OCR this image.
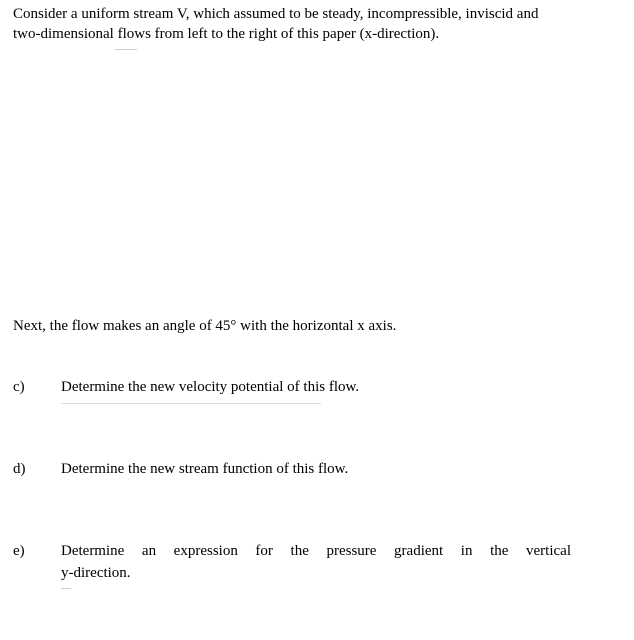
Consider a uniform stream V, which assumed to be steady, incompressible, inviscid and
two-dimensional flows from left to the right of this paper (x-direction).
Next, the flow makes an angle of 45° with the horizontal x axis.
c) Determine the new velocity potential of this flow.
d) Determine the new stream function of this flow.
e) Determine an expression for the pressure gradient in the vertical
y-direction.
